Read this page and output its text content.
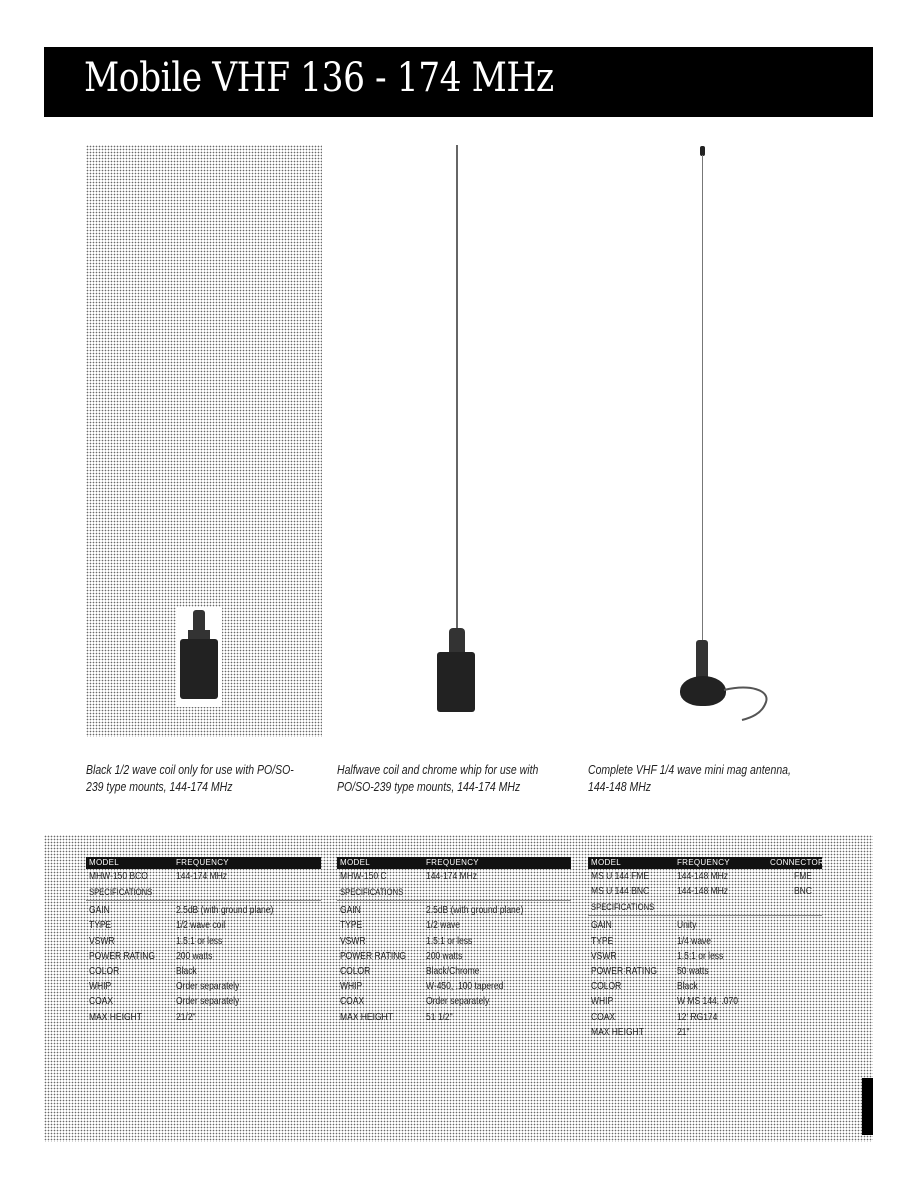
Mobile VHF 136 - 174 MHz
Black 1/2 wave coil only for use with PO/SO-
239 type mounts, 144-174 MHz
Halfwave coil and chrome whip for use with
PO/SO-239 type mounts, 144-174 MHz
Complete VHF 1/4 wave mini mag antenna,
144-148 MHz
MODEL	FREQUENCY
MHW-150 BCO	144-174 MHz
SPECIFICATIONS
GAIN	2.5dB (with ground plane)
TYPE	1/2 wave coil
VSWR	1.5:1 or less
POWER RATING 200 watts
COLOR	Black
WHIP	Order separately
COAX	Order separately
MAX HEIGHT	21/2"
MODEL	FREQUENCY
MHW-150 C	144-174 MHz
SPECIFICATIONS
GAIN	2.5dB (with ground plane)
TYPE	1/2 wave
VSWR	1.5:1 or less
POWER RATING 200 watts
COLOR	Black/Chrome
WHIP	W-450, .100 tapered
COAX	Order separately
MAX HEIGHT	51 1/2"
MODEL	FREQUENCY	CONNECTOR
MS U 144 FME	144-148 MHz	FME
MS U 144 BNC	144-148 MHz	BNC
SPECIFICATIONS
GAIN	Unity
TYPE	1/4 wave
VSWR	1.5:1 or less
POWER RATING 50 watts
COLOR	Black
WHIP	W MS 144, .070
COAX	12' RG174
MAX HEIGHT	21"
